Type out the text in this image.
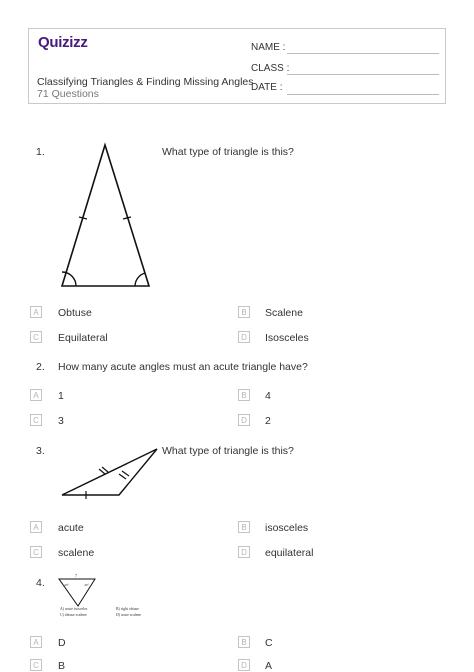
Quizizz
Classifying Triangles & Finding Missing Angles
71 Questions
NAME :
CLASS :
DATE :
1.	What type of triangle is this?
A	Obtuse	B	Scalene
C Equilateral	D Isosceles
2. How many acute angles must an acute triangle have?
A	1	B	4
C 3	D 2
3.	What type of triangle is this?
A	acute	B	isosceles
C scalene	D equilateral
4.
7
40°	40°
A) acute isosceles	B) right obtuse
C) obtuse scalene	D) acute scalene
A	D	B	C
C B	D A
